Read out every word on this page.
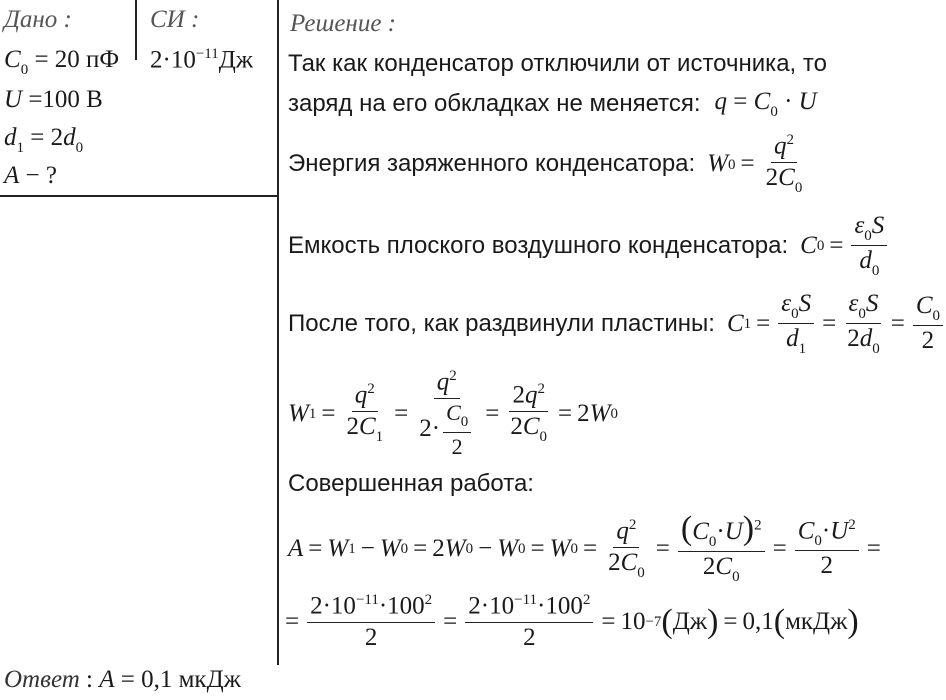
Дано :	СИ :	Решение :
$C_0 = 20$ пФ
U =100 В
$d_1 = 2d_0$
A − ?
$2\cdot 10^{-11}Дж$ Так как конденсатор отключили от источника, то
заряд на его обкладках не меняется: $q = C_0 \cdot U$
Энергия заряженного конденсатора: $W_0 = \frac{q^2}{2C_0}$
Емкость плоского воздушного конденсатора: $C_0 = \frac{\varepsilon_0S}{d_0}$
После того, как раздвинули пластины: $C_1 = \frac{\varepsilon_0S}{d_1} = \frac{\varepsilon_0S}{2d_0} = \frac{C_0}{2}$
$W_1 = \frac{q^2}{2C_1} = \frac{q^2}{2\cdot \frac{C_0}{2}} = \frac{2q^2}{2C_0} = 2$ $W_0$
Совершенная работа:
$A = W_1 - W_0 = 2$ $W_0 - W_0 = W_0 = \frac{q^2}{2C_0} = \frac{(C_0\cdot U)^2}{2C_0} = \frac{C_0\cdot U^2}{2}$ =
= $\frac{2\cdot 10^{-11}\cdot 100^2}{2} = \frac{2\cdot 10^{-11}\cdot 100^2}{2} = 10 -7$ ( Дж ) = 0,1 ( мкДж )
Ответ : A = 0,1 мкДж
